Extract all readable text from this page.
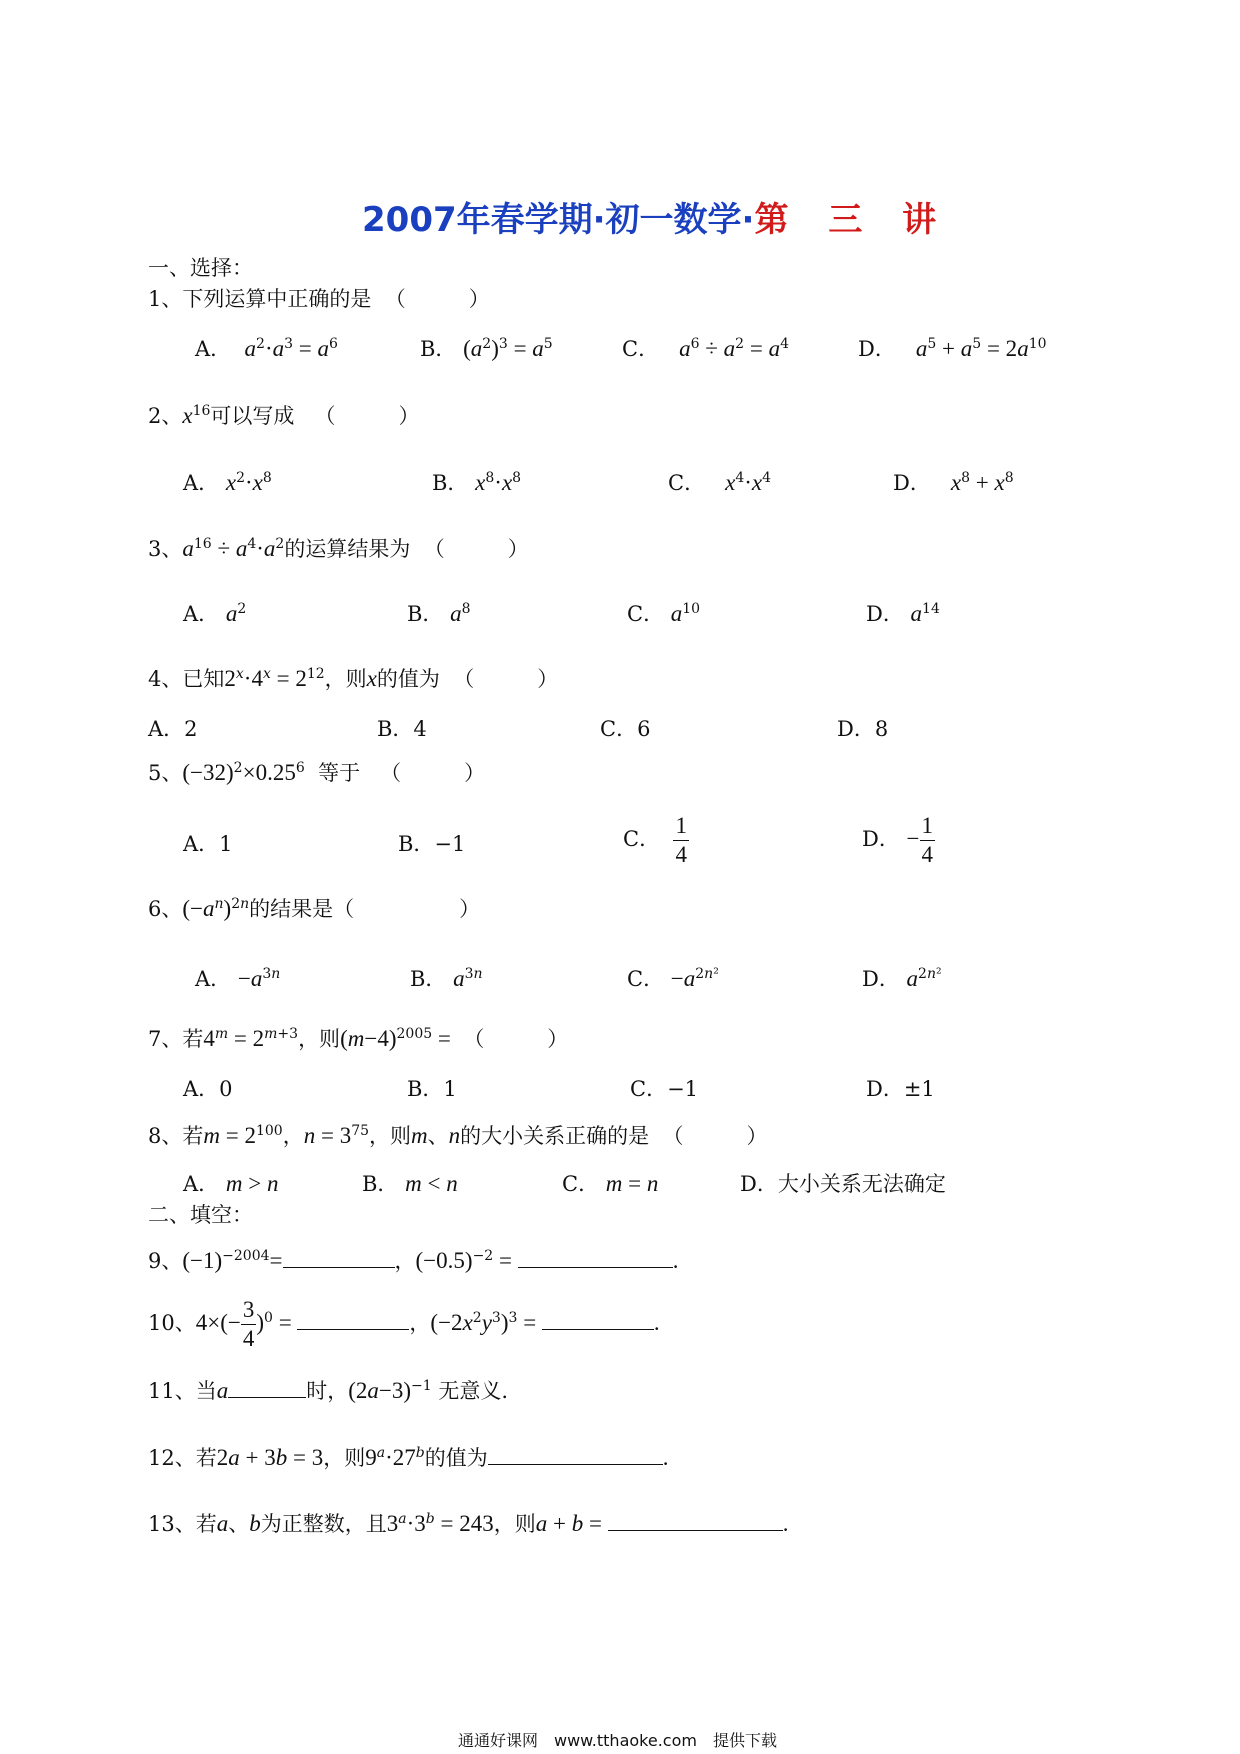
2007年春学期·初一数学·第 三 讲
一、选择：
1、下列运算中正确的是 （　　　）
A． $a^2\cdot a^3 = a^6$	B． $(a^2)^3 = a^5$	C． $a^6 \div a^2 = a^4$	D． $a^5 + a^5 = 2a^{10}$
2、$x^{16}$可以写成 （　　　）
A． $x^2\cdot x^8$	B． $x^8\cdot x^8$	C． $x^4\cdot x^4$	D． $x^8 + x^8$
3、$a^{16} \div a^4\cdot a^2$的运算结果为 （　　　）
A． $a^2$	B． $a^8$	C． $a^{10}$	D． $a^{14}$
4、已知$2^x\cdot 4^x = 2^{12}$，则x的值为 （　　　）
A．2	B．4	C．6	D．8
5、$(-32)^2\times 0.25^6$ 等于 （　　　）
A．1	B．−1	C． $\frac{1}{4}$	D． − $\frac{1}{4}$
6、$(-a^n)^{2n}$的结果是（　　　　　）
A． $-a^{3n}$	B． $a^{3n}$	C． $-a^{2n^2}$	D． $a^{2n^2}$
7、若$4^m = 2^{m+3}$，则$(m-4)^{2005}$ =  （　　　）
A．0	B．1	C．−1	D．±1
8、若$m = 2^{100}$，$n = 3^{75}$，则m、n的大小关系正确的是 （　　　）
A． m > n	B． m < n	C． m = n	D．大小关系无法确定
二、填空：
9、$(-1)^{-2004}=$	，$(-0.5)^{-2}$ =	.
10、$4\times(- \frac{3}{4} )^0$ =	，$(-2x^2y^3)^3$ =	.
11、当a	时，$(2a-3)^{-1}$ 无意义.
12、若2a + 3b = 3，则$9^a\cdot 27^b$的值为	.
13、若a、b为正整数，且$3^a\cdot 3^b = 243$，则a + b =	.
通通好课网　www.tthaoke.com　提供下载
